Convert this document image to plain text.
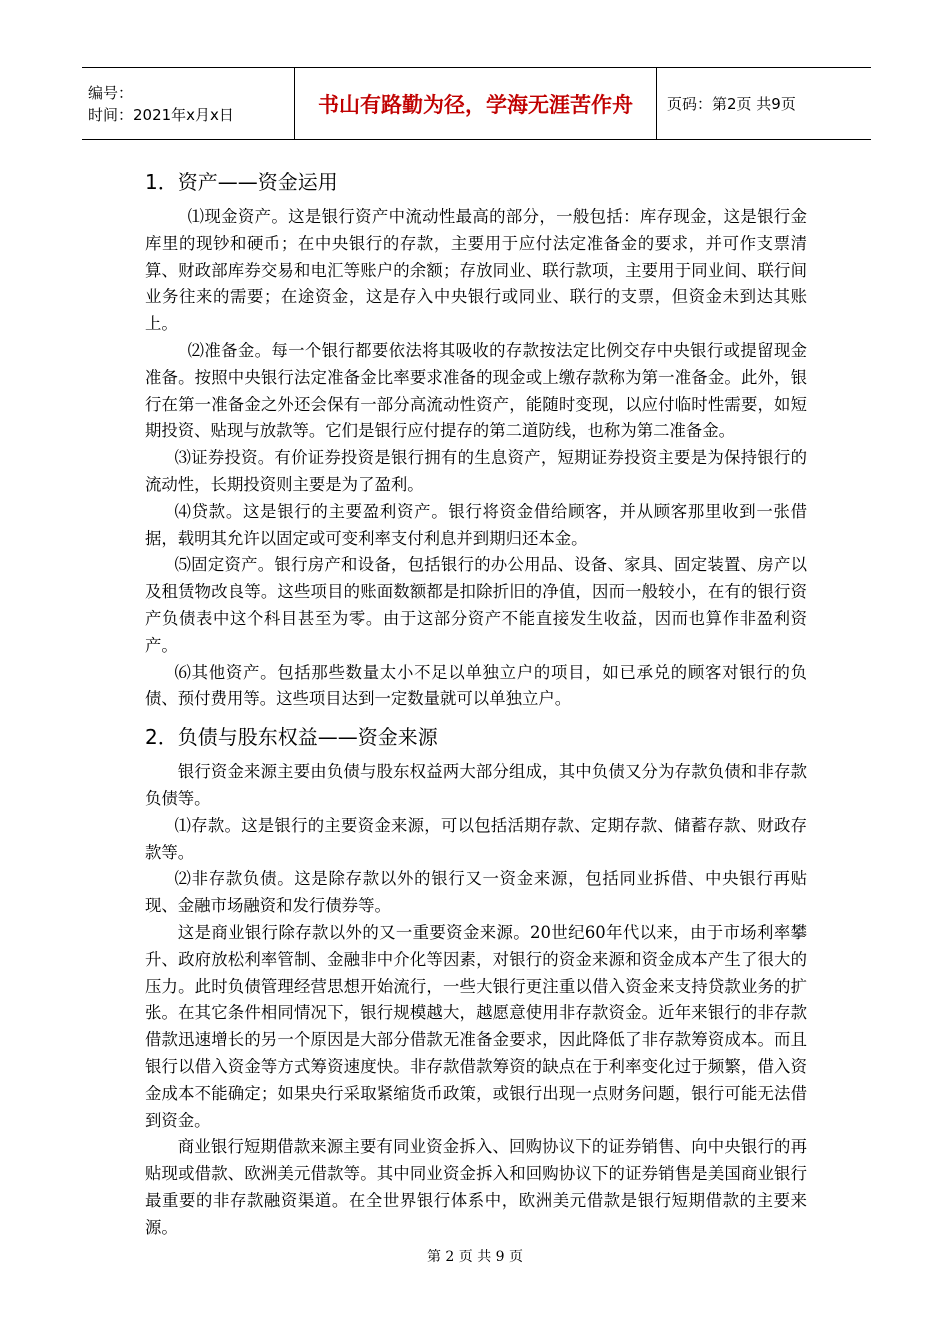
编号：
时间：2021年x月x日	书山有路勤为径，学海无涯苦作舟 页码：第2页 共9页
1．资产——资金运用

⑴现金资产。这是银行资产中流动性最高的部分，一般包括：库存现金，这是银行金库里的现钞和硬币；在中央银行的存款，主要用于应付法定准备金的要求，并可作支票清算、财政部库券交易和电汇等账户的余额；存放同业、联行款项，主要用于同业间、联行间业务往来的需要；在途资金，这是存入中央银行或同业、联行的支票，但资金未到达其账上。

⑵准备金。每一个银行都要依法将其吸收的存款按法定比例交存中央银行或提留现金准备。按照中央银行法定准备金比率要求准备的现金或上缴存款称为第一准备金。此外，银行在第一准备金之外还会保有一部分高流动性资产，能随时变现，以应付临时性需要，如短期投资、贴现与放款等。它们是银行应付提存的第二道防线，也称为第二准备金。

⑶证券投资。有价证券投资是银行拥有的生息资产，短期证券投资主要是为保持银行的流动性，长期投资则主要是为了盈利。

⑷贷款。这是银行的主要盈利资产。银行将资金借给顾客，并从顾客那里收到一张借据，载明其允许以固定或可变利率支付利息并到期归还本金。

⑸固定资产。银行房产和设备，包括银行的办公用品、设备、家具、固定装置、房产以及租赁物改良等。这些项目的账面数额都是扣除折旧的净值，因而一般较小，在有的银行资产负债表中这个科目甚至为零。由于这部分资产不能直接发生收益，因而也算作非盈利资产。

⑹其他资产。包括那些数量太小不足以单独立户的项目，如已承兑的顾客对银行的负债、预付费用等。这些项目达到一定数量就可以单独立户。

2．负债与股东权益——资金来源

银行资金来源主要由负债与股东权益两大部分组成，其中负债又分为存款负债和非存款负债等。

⑴存款。这是银行的主要资金来源，可以包括活期存款、定期存款、储蓄存款、财政存款等。

⑵非存款负债。这是除存款以外的银行又一资金来源，包括同业拆借、中央银行再贴现、金融市场融资和发行债券等。

这是商业银行除存款以外的又一重要资金来源。20世纪60年代以来，由于市场利率攀升、政府放松利率管制、金融非中介化等因素，对银行的资金来源和资金成本产生了很大的压力。此时负债管理经营思想开始流行，一些大银行更注重以借入资金来支持贷款业务的扩张。在其它条件相同情况下，银行规模越大，越愿意使用非存款资金。近年来银行的非存款借款迅速增长的另一个原因是大部分借款无准备金要求，因此降低了非存款筹资成本。而且银行以借入资金等方式筹资速度快。非存款借款筹资的缺点在于利率变化过于频繁，借入资金成本不能确定；如果央行采取紧缩货币政策，或银行出现一点财务问题，银行可能无法借到资金。

商业银行短期借款来源主要有同业资金拆入、回购协议下的证券销售、向中央银行的再贴现或借款、欧洲美元借款等。其中同业资金拆入和回购协议下的证券销售是美国商业银行最重要的非存款融资渠道。在全世界银行体系中，欧洲美元借款是银行短期借款的主要来源。

第 2 页 共 9 页
